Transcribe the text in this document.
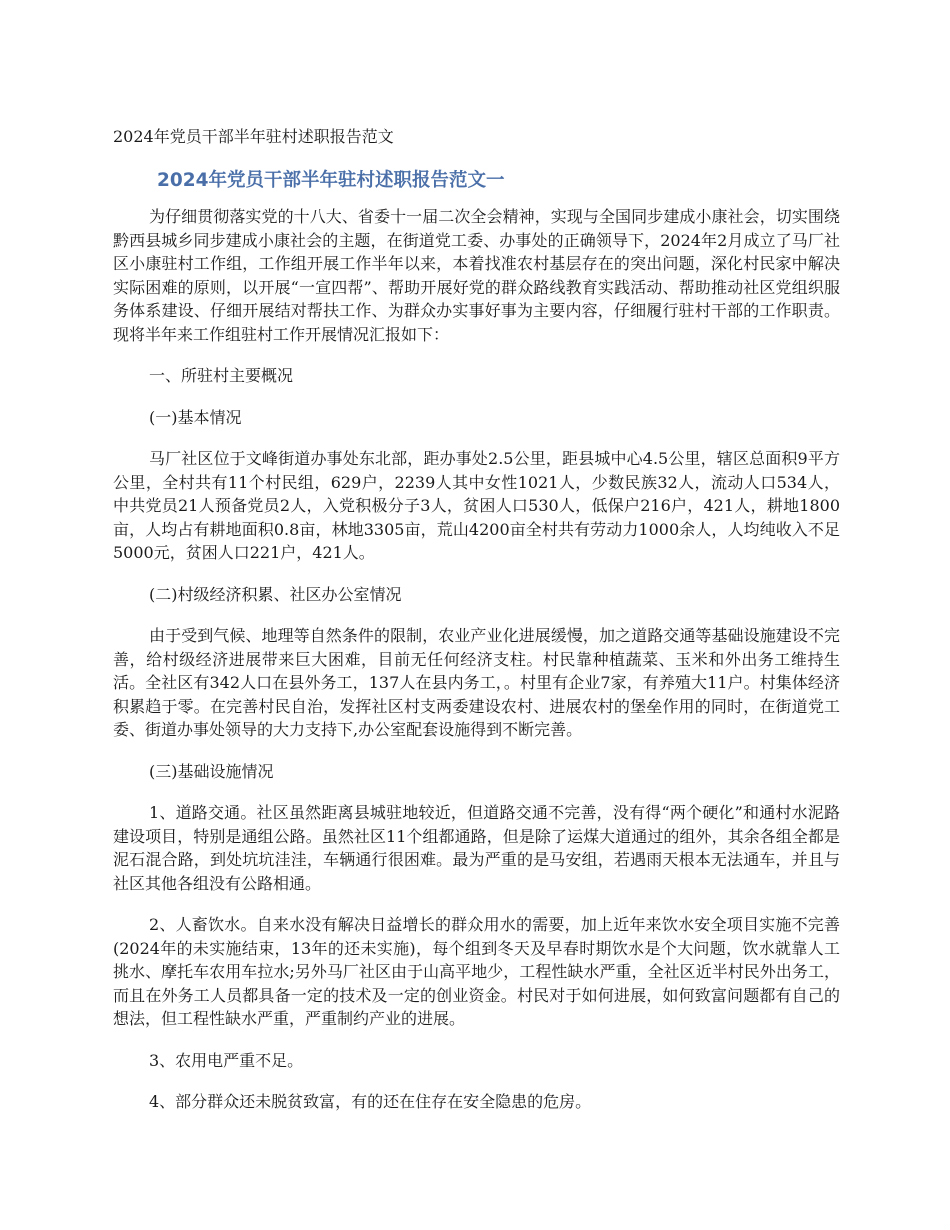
2024年党员干部半年驻村述职报告范文
2024年党员干部半年驻村述职报告范文一

为仔细贯彻落实党的十八大、省委十一届二次全会精神，实现与全国同步建成小康社会，切实围绕黔西县城乡同步建成小康社会的主题，在街道党工委、办事处的正确领导下，2024年2月成立了马厂社区小康驻村工作组，工作组开展工作半年以来，本着找准农村基层存在的突出问题，深化村民家中解决实际困难的原则，以开展“一宣四帮”、帮助开展好党的群众路线教育实践活动、帮助推动社区党组织服务体系建设、仔细开展结对帮扶工作、为群众办实事好事为主要内容，仔细履行驻村干部的工作职责。现将半年来工作组驻村工作开展情况汇报如下：

一、所驻村主要概况

(一)基本情况

马厂社区位于文峰街道办事处东北部，距办事处2.5公里，距县城中心4.5公里，辖区总面积9平方公里，全村共有11个村民组，629户，2239人其中女性1021人，少数民族32人，流动人口534人，中共党员21人预备党员2人，入党积极分子3人，贫困人口530人，低保户216户，421人，耕地1800亩，人均占有耕地面积0.8亩，林地3305亩，荒山4200亩全村共有劳动力1000余人，人均纯收入不足5000元，贫困人口221户，421人。

(二)村级经济积累、社区办公室情况

由于受到气候、地理等自然条件的限制，农业产业化进展缓慢，加之道路交通等基础设施建设不完善，给村级经济进展带来巨大困难，目前无任何经济支柱。村民靠种植蔬菜、玉米和外出务工维持生活。全社区有342人口在县外务工，137人在县内务工，。村里有企业7家，有养殖大11户。村集体经济积累趋于零。在完善村民自治，发挥社区村支两委建设农村、进展农村的堡垒作用的同时，在街道党工委、街道办事处领导的大力支持下,办公室配套设施得到不断完善。

(三)基础设施情况

1、道路交通。社区虽然距离县城驻地较近，但道路交通不完善，没有得“两个硬化”和通村水泥路建设项目，特别是通组公路。虽然社区11个组都通路，但是除了运煤大道通过的组外，其余各组全都是泥石混合路，到处坑坑洼洼，车辆通行很困难。最为严重的是马安组，若遇雨天根本无法通车，并且与社区其他各组没有公路相通。

2、人畜饮水。自来水没有解决日益增长的群众用水的需要，加上近年来饮水安全项目实施不完善(2024年的未实施结束，13年的还未实施)，每个组到冬天及早春时期饮水是个大问题，饮水就靠人工挑水、摩托车农用车拉水;另外马厂社区由于山高平地少，工程性缺水严重，全社区近半村民外出务工，而且在外务工人员都具备一定的技术及一定的创业资金。村民对于如何进展，如何致富问题都有自己的想法，但工程性缺水严重，严重制约产业的进展。

3、农用电严重不足。

4、部分群众还未脱贫致富，有的还在住存在安全隐患的危房。
